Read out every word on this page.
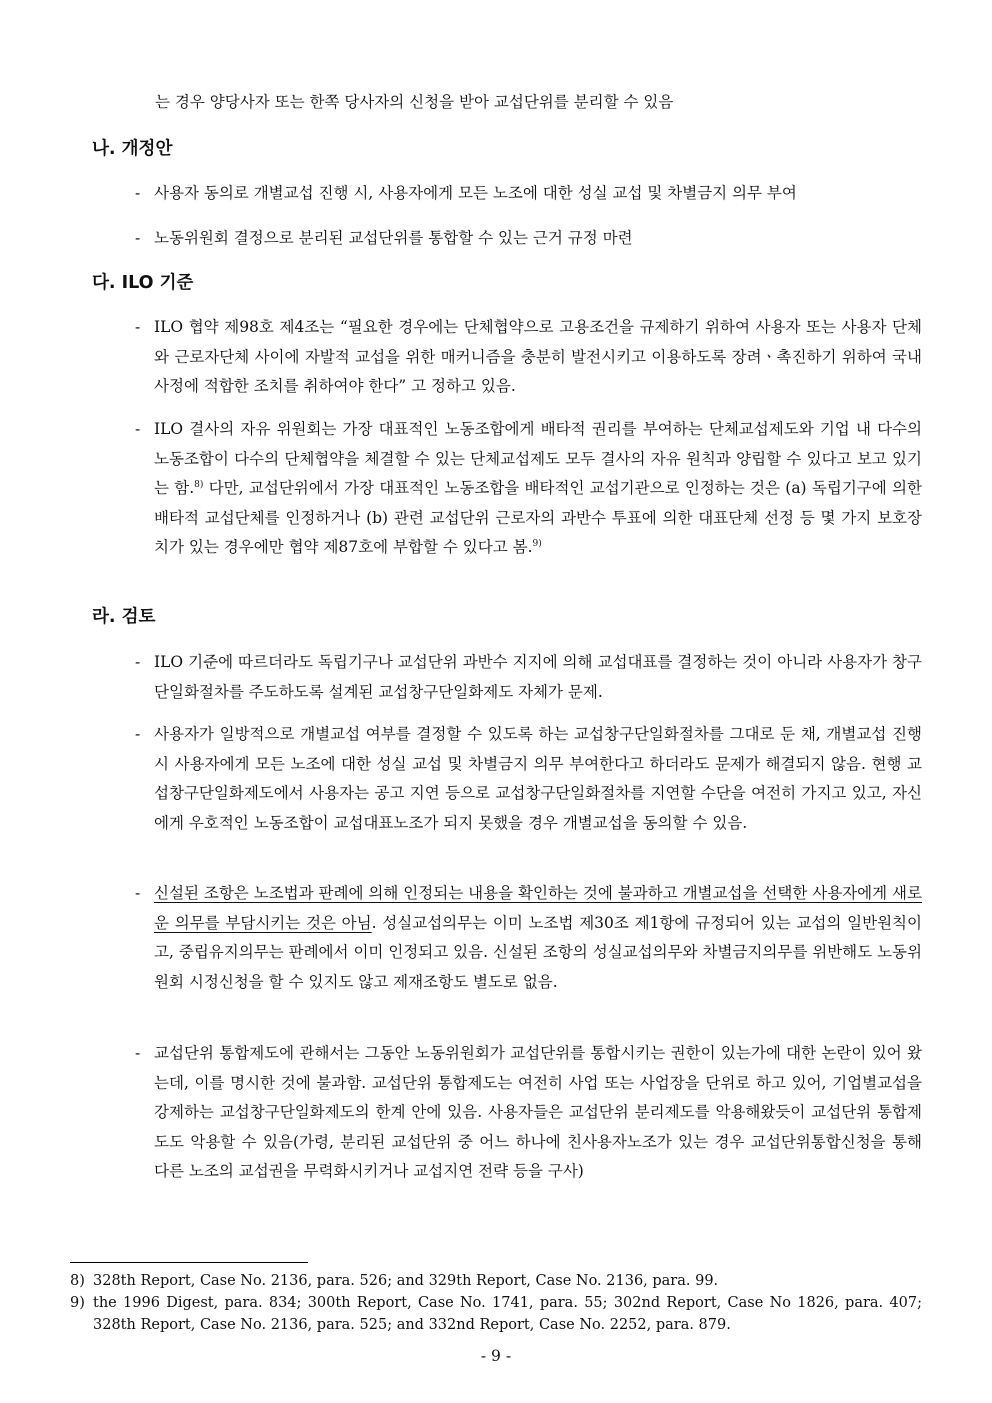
는 경우 양당사자 또는 한쪽 당사자의 신청을 받아 교섭단위를 분리할 수 있음
나. 개정안
- 사용자 동의로 개별교섭 진행 시, 사용자에게 모든 노조에 대한 성실 교섭 및 차별금지 의무 부여
- 노동위원회 결정으로 분리된 교섭단위를 통합할 수 있는 근거 규정 마련
다. ILO 기준
- ILO 협약 제98호 제4조는 “필요한 경우에는 단체협약으로 고용조건을 규제하기 위하여 사용자 또는 사용자 단체와 근로자단체 사이에 자발적 교섭을 위한 매커니즘을 충분히 발전시키고 이용하도록 장려ㆍ촉진하기 위하여 국내사정에 적합한 조치를 취하여야 한다” 고 정하고 있음.
- ILO 결사의 자유 위원회는 가장 대표적인 노동조합에게 배타적 권리를 부여하는 단체교섭제도와 기업 내 다수의 노동조합이 다수의 단체협약을 체결할 수 있는 단체교섭제도 모두 결사의 자유 원칙과 양립할 수 있다고 보고 있기는 함.$^{8)}$ 다만, 교섭단위에서 가장 대표적인 노동조합을 배타적인 교섭기관으로 인정하는 것은 (a) 독립기구에 의한 배타적 교섭단체를 인정하거나 (b) 관련 교섭단위 근로자의 과반수 투표에 의한 대표단체 선정 등 몇 가지 보호장치가 있는 경우에만 협약 제87호에 부합할 수 있다고 봄.$^{9)}$
라. 검토
- ILO 기준에 따르더라도 독립기구나 교섭단위 과반수 지지에 의해 교섭대표를 결정하는 것이 아니라 사용자가 창구단일화절차를 주도하도록 설계된 교섭창구단일화제도 자체가 문제.
- 사용자가 일방적으로 개별교섭 여부를 결정할 수 있도록 하는 교섭창구단일화절차를 그대로 둔 채, 개별교섭 진행 시 사용자에게 모든 노조에 대한 성실 교섭 및 차별금지 의무 부여한다고 하더라도 문제가 해결되지 않음. 현행 교섭창구단일화제도에서 사용자는 공고 지연 등으로 교섭창구단일화절차를 지연할 수단을 여전히 가지고 있고, 자신에게 우호적인 노동조합이 교섭대표노조가 되지 못했을 경우 개별교섭을 동의할 수 있음.
- 신설된 조항은 노조법과 판례에 의해 인정되는 내용을 확인하는 것에 불과하고 개별교섭을 선택한 사용자에게 새로운 의무를 부담시키는 것은 아님. 성실교섭의무는 이미 노조법 제30조 제1항에 규정되어 있는 교섭의 일반원칙이고, 중립유지의무는 판례에서 이미 인정되고 있음. 신설된 조항의 성실교섭의무와 차별금지의무를 위반해도 노동위원회 시정신청을 할 수 있지도 않고 제재조항도 별도로 없음.
- 교섭단위 통합제도에 관해서는 그동안 노동위원회가 교섭단위를 통합시키는 권한이 있는가에 대한 논란이 있어 왔는데, 이를 명시한 것에 불과함. 교섭단위 통합제도는 여전히 사업 또는 사업장을 단위로 하고 있어, 기업별교섭을 강제하는 교섭창구단일화제도의 한계 안에 있음. 사용자들은 교섭단위 분리제도를 악용해왔듯이 교섭단위 통합제도도 악용할 수 있음(가령, 분리된 교섭단위 중 어느 하나에 친사용자노조가 있는 경우 교섭단위통합신청을 통해 다른 노조의 교섭권을 무력화시키거나 교섭지연 전략 등을 구사)
8) 328th Report, Case No. 2136, para. 526; and 329th Report, Case No. 2136, para. 99.
9) the 1996 Digest, para. 834; 300th Report, Case No. 1741, para. 55; 302nd Report, Case No 1826, para. 407; 328th Report, Case No. 2136, para. 525; and 332nd Report, Case No. 2252, para. 879.
- 9 -
